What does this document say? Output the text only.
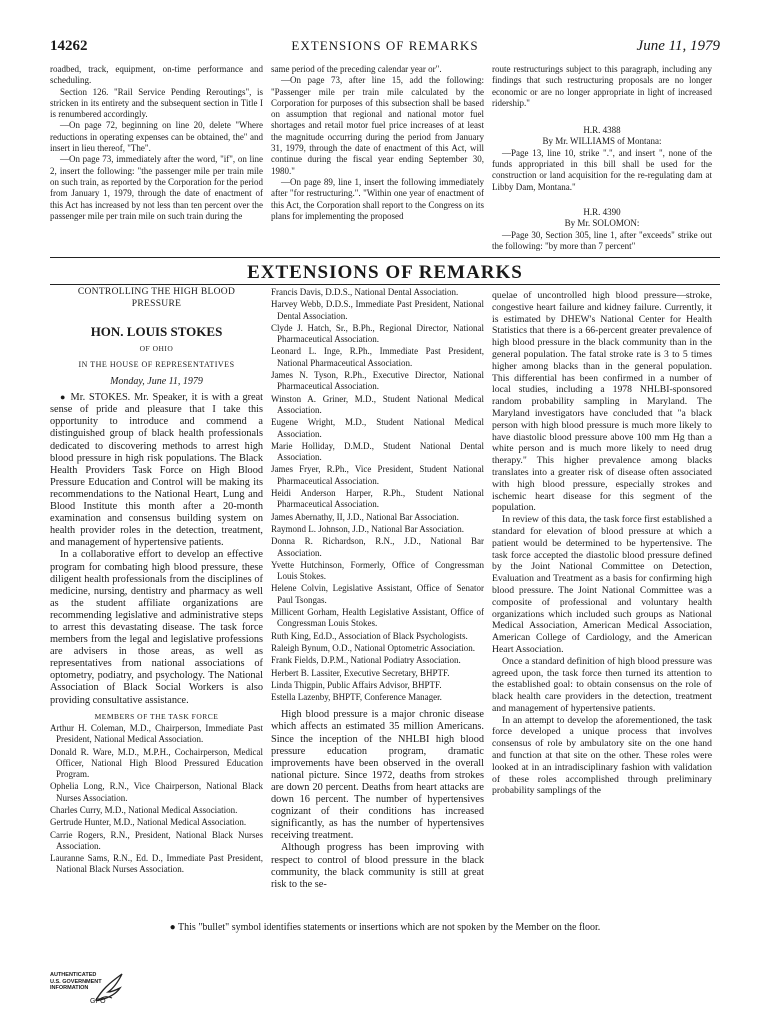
14262	EXTENSIONS OF REMARKS	June 11, 1979

roadbed, track, equipment, on-time performance and scheduling.

Section 126. "Rail Service Pending Reroutings", is stricken in its entirety and the subsequent section in Title I is renumbered accordingly.

—On page 72, beginning on line 20, delete "Where reductions in operating expenses can be obtained, the" and insert in lieu thereof, "The".

—On page 73, immediately after the word, "if", on line 2, insert the following: "the passenger mile per train mile on such train, as reported by the Corporation for the period from January 1, 1979, through the date of enactment of this Act has increased by not less than ten percent over the passenger mile per train mile on such train during the

same period of the preceding calendar year or".

—On page 73, after line 15, add the following: "Passenger mile per train mile calculated by the Corporation for purposes of this subsection shall be based on assumption that regional and national motor fuel shortages and retail motor fuel price increases of at least the magnitude occurring during the period from January 31, 1979, through the date of enactment of this Act, will continue during the fiscal year ending September 30, 1980."

—On page 89, line 1, insert the following immediately after "for restructuring.". "Within one year of enactment of this Act, the Corporation shall report to the Congress on its plans for implementing the proposed

route restructurings subject to this paragraph, including any findings that such restructuring proposals are no longer economic or are no longer appropriate in light of increased ridership."

H.R. 4388

By Mr. WILLIAMS of Montana:

—Page 13, line 10, strike ".", and insert ", none of the funds appropriated in this bill shall be used for the construction or land acquisition for the re-regulating dam at Libby Dam, Montana."

H.R. 4390

By Mr. SOLOMON:

—Page 30, Section 305, line 1, after "exceeds" strike out the following: "by more than 7 percent"

EXTENSIONS OF REMARKS

CONTROLLING THE HIGH BLOOD

PRESSURE

HON. LOUIS STOKES

OF OHIO

IN THE HOUSE OF REPRESENTATIVES

Monday, June 11, 1979

● Mr. STOKES. Mr. Speaker, it is with a great sense of pride and pleasure that I take this opportunity to introduce and commend a distinguished group of black health professionals dedicated to discovering methods to arrest high blood pressure in high risk populations. The Black Health Providers Task Force on High Blood Pressure Education and Control will be making its recommendations to the National Heart, Lung and Blood Institute this month after a 20-month examination and consensus building system on health provider roles in the detection, treatment, and management of hypertensive patients.

In a collaborative effort to develop an effective program for combating high blood pressure, these diligent health professionals from the disciplines of medicine, nursing, dentistry and pharmacy as well as the student affiliate organizations are recommending legislative and administrative steps to arrest this devastating disease. The task force members from the legal and legislative professions are advisers in those areas, as well as representatives from national associations of optometry, podiatry, and psychology. The National Association of Black Social Workers is also providing consultative assistance.

MEMBERS OF THE TASK FORCE

Arthur H. Coleman, M.D., Chairperson, Immediate Past President, National Medical Association.

Donald R. Ware, M.D., M.P.H., Cochairperson, Medical Officer, National High Blood Pressured Education Program.

Ophelia Long, R.N., Vice Chairperson, National Black Nurses Association.

Charles Curry, M.D., National Medical Association.

Gertrude Hunter, M.D., National Medical Association.

Carrie Rogers, R.N., President, National Black Nurses Association.

Lauranne Sams, R.N., Ed. D., Immediate Past President, National Black Nurses Association.

Francis Davis, D.D.S., National Dental Association.

Harvey Webb, D.D.S., Immediate Past President, National Dental Association.

Clyde J. Hatch, Sr., B.Ph., Regional Director, National Pharmaceutical Association.

Leonard L. Inge, R.Ph., Immediate Past President, National Pharmaceutical Association.

James N. Tyson, R.Ph., Executive Director, National Pharmaceutical Association.

Winston A. Griner, M.D., Student National Medical Association.

Eugene Wright, M.D., Student National Medical Association.

Marie Holliday, D.M.D., Student National Dental Association.

James Fryer, R.Ph., Vice President, Student National Pharmaceutical Association.

Heidi Anderson Harper, R.Ph., Student National Pharmaceutical Association.

James Abernathy, II, J.D., National Bar Association.

Raymond L. Johnson, J.D., National Bar Association.

Donna R. Richardson, R.N., J.D., National Bar Association.

Yvette Hutchinson, Formerly, Office of Congressman Louis Stokes.

Helene Colvin, Legislative Assistant, Office of Senator Paul Tsongas.

Millicent Gorham, Health Legislative Assistant, Office of Congressman Louis Stokes.

Ruth King, Ed.D., Association of Black Psychologists.

Raleigh Bynum, O.D., National Optometric Association.

Frank Fields, D.P.M., National Podiatry Association.

Herbert B. Lassiter, Executive Secretary, BHPTF.

Linda Thigpin, Public Affairs Advisor, BHPTF.

Estella Lazenby, BHPTF, Conference Manager.

High blood pressure is a major chronic disease which affects an estimated 35 million Americans. Since the inception of the NHLBI high blood pressure education program, dramatic improvements have been observed in the overall national picture. Since 1972, deaths from strokes are down 20 percent. Deaths from heart attacks are down 16 percent. The number of hypertensives cognizant of their conditions has increased significantly, as has the number of hypertensives receiving treatment.

Although progress has been improving with respect to control of blood pressure in the black community, the black community is still at great risk to the se-

quelae of uncontrolled high blood pressure—stroke, congestive heart failure and kidney failure. Currently, it is estimated by DHEW's National Center for Health Statistics that there is a 66-percent greater prevalence of high blood pressure in the black community than in the general population. The fatal stroke rate is 3 to 5 times higher among blacks than in the general population. This differential has been confirmed in a number of local studies, including a 1978 NHLBI-sponsored random probability sampling in Maryland. The Maryland investigators have concluded that "a black person with high blood pressure is much more likely to have diastolic blood pressure above 100 mm Hg than a white person and is much more likely to need drug therapy." This higher prevalence among blacks translates into a greater risk of disease often associated with high blood pressure, especially strokes and ischemic heart disease for this segment of the population.

In review of this data, the task force first established a standard for elevation of blood pressure at which a patient would be determined to be hypertensive. The task force accepted the diastolic blood pressure defined by the Joint National Committee on Detection, Evaluation and Treatment as a basis for confirming high blood pressure. The Joint National Committee was a composite of professional and voluntary health organizations which included such groups as National Medical Association, American Medical Association, American College of Cardiology, and the American Heart Association.

Once a standard definition of high blood pressure was agreed upon, the task force then turned its attention to the established goal: to obtain consensus on the role of black health care providers in the detection, treatment and management of hypertensive patients.

In an attempt to develop the aforementioned, the task force developed a unique process that involves consensus of role by ambulatory site on the one hand and function at that site on the other. These roles were looked at in an intradisciplinary fashion with validation of these roles accomplished through preliminary probability samplings of the

● This "bullet" symbol identifies statements or insertions which are not spoken by the Member on the floor.
AUTHENTICATED
U.S. GOVERNMENT
INFORMATION
GPO
